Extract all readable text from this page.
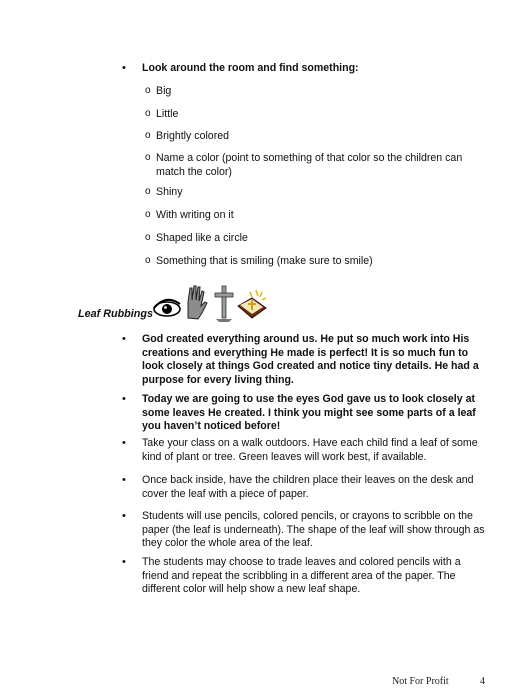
• Look around the room and find something:
o Big
o Little
o Brightly colored
o Name a color (point to something of that color so the children can match the color)
o Shiny
o With writing on it
o Shaped like a circle
o Something that is smiling (make sure to smile)
Leaf Rubbings
• God created everything around us. He put so much work into His creations and everything He made is perfect! It is so much fun to look closely at things God created and notice tiny details. He had a purpose for every living thing.
• Today we are going to use the eyes God gave us to look closely at some leaves He created. I think you might see some parts of a leaf you haven’t noticed before!
• Take your class on a walk outdoors. Have each child find a leaf of some kind of plant or tree. Green leaves will work best, if available.
• Once back inside, have the children place their leaves on the desk and cover the leaf with a piece of paper.
• Students will use pencils, colored pencils, or crayons to scribble on the paper (the leaf is underneath). The shape of the leaf will show through as they color the whole area of the leaf.
• The students may choose to trade leaves and colored pencils with a friend and repeat the scribbling in a different area of the paper. The different color will help show a new leaf shape.
Not For Profit	4
